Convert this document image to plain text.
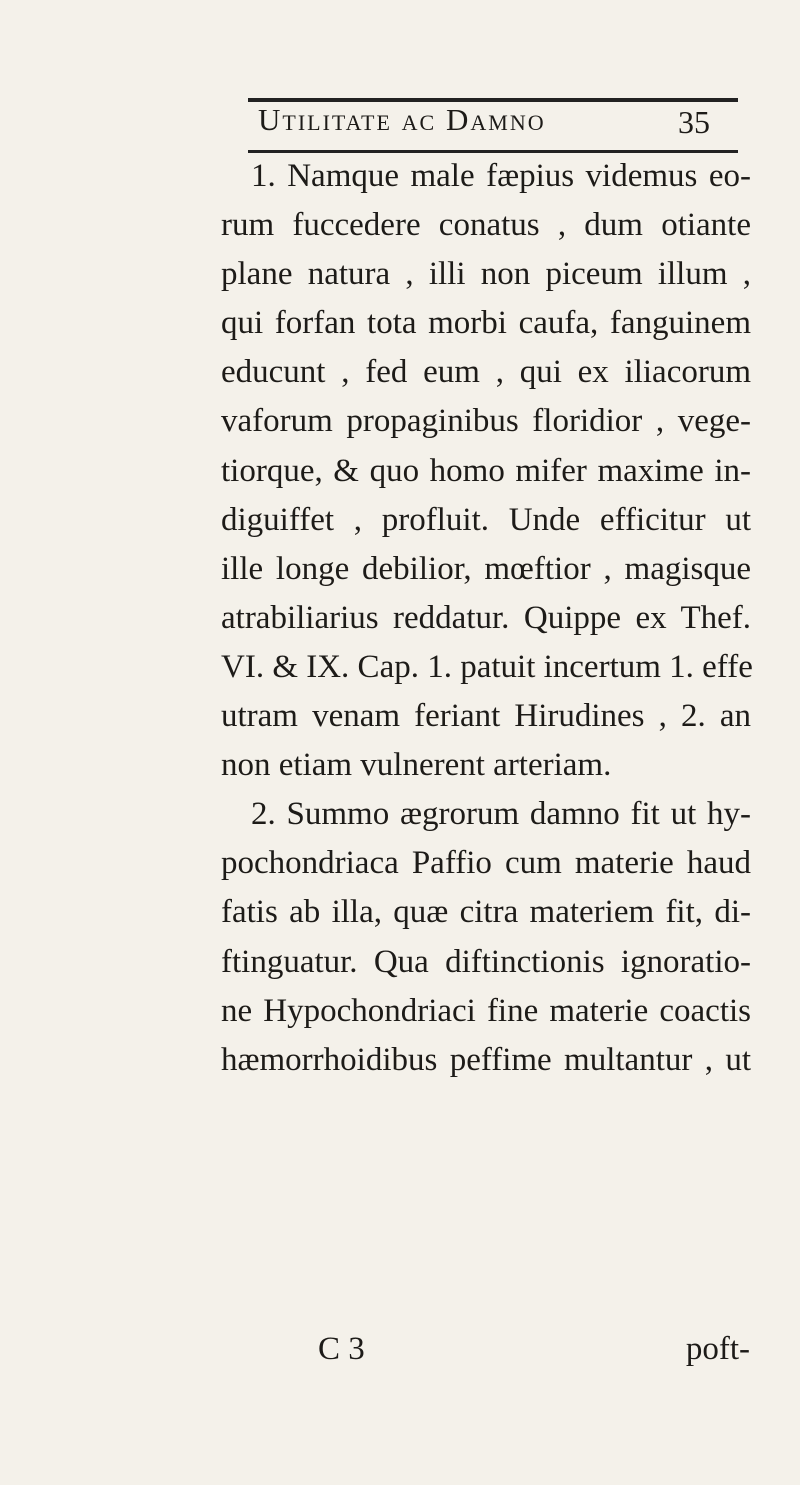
Utilitate ac Damno	35
1. Namque male fæpius videmus eo-
rum fuccedere conatus , dum otiante
plane natura , illi non piceum illum ,
qui forfan tota morbi caufa, fanguinem
educunt , fed eum , qui ex iliacorum
vaforum propaginibus floridior , vege-
tiorque, & quo homo mifer maxime in-
diguiffet , profluit. Unde efficitur ut
ille longe debilior, mœftior , magisque
atrabiliarius reddatur. Quippe ex Thef.
VI. & IX. Cap. 1. patuit incertum 1. effe
utram venam feriant Hirudines , 2. an
non etiam vulnerent arteriam.
2. Summo ægrorum damno fit ut hy-
pochondriaca Paffio cum materie haud
fatis ab illa, quæ citra materiem fit, di-
ftinguatur. Qua diftinctionis ignoratio-
ne Hypochondriaci fine materie coactis
hæmorrhoidibus peffime multantur , ut
C 3	poft-
